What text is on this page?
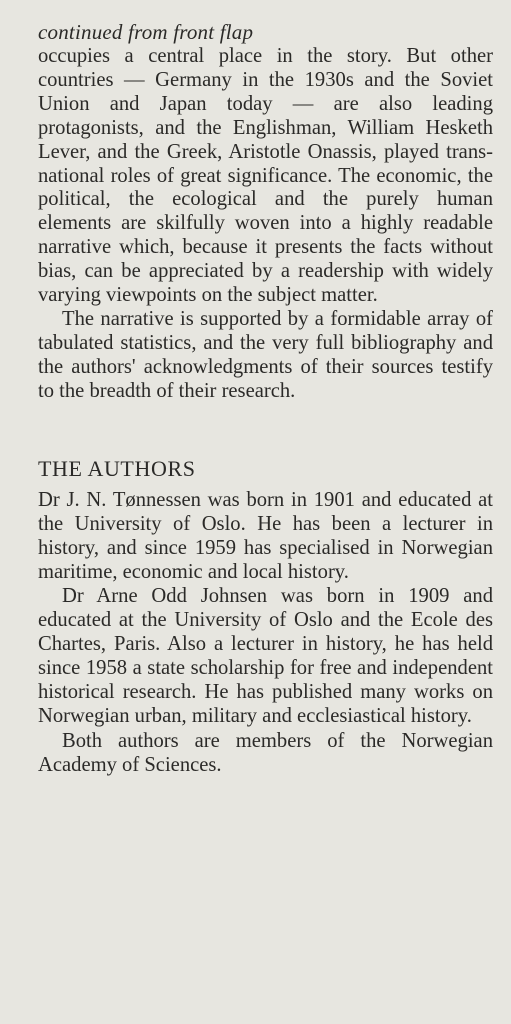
continued from front flap

occupies a central place in the story. But other countries — Germany in the 1930s and the Soviet Union and Japan today — are also leading protagonists, and the Englishman, William Hesketh Lever, and the Greek, Aristotle Onassis, played transnational roles of great significance. The economic, the political, the ecological and the purely human elements are skilfully woven into a highly readable narrative which, because it presents the facts without bias, can be appreciated by a readership with widely varying viewpoints on the subject matter.

The narrative is supported by a formidable array of tabulated statistics, and the very full bibliography and the authors' acknowledgments of their sources testify to the breadth of their research.

THE AUTHORS

Dr J. N. Tønnessen was born in 1901 and educated at the University of Oslo. He has been a lecturer in history, and since 1959 has specialised in Norwegian maritime, economic and local history.

Dr Arne Odd Johnsen was born in 1909 and educated at the University of Oslo and the Ecole des Chartes, Paris. Also a lecturer in history, he has held since 1958 a state scholarship for free and independent historical research. He has published many works on Norwegian urban, military and ecclesiastical history.

Both authors are members of the Norwegian Academy of Sciences.
